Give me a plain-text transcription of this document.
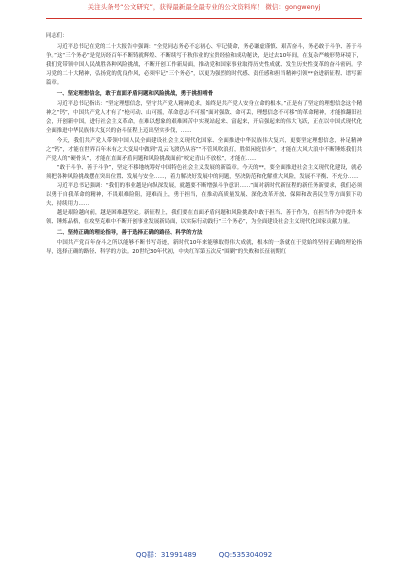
关注头条号“公文研究”，获得最新最全最专业的公文资料库！ 微信：gongwenyj

同志们：

习近平总书记在党的二十大报告中强调：“全党同志务必不忘初心、牢记使命，务必谦虚谨慎、艰苦奋斗，务必敢于斗争、善于斗争。”这“三个务必”是党历经百年不断铸就辉煌、不断续写千秋伟业的宝贵经验和成功秘诀，是过去10年间，在复杂严峻形势环境下，我们党带领中国人民战胜各种风险挑战，不断开创工作新局面，推动党和国家事业取得历史性成就、发生历史性变革的奋斗密码。学习党的二十大精神，弘扬党的优良作风，必须牢记“三个务必”，以更为强烈的时代感、责任感和担当精神引领**奋进新征程、谱写新篇章。

一、坚定理想信念，敢于直面矛盾问题和风险挑战，勇于挑担啃骨

习近平总书记指出：“坚定理想信念，坚守共产党人精神追求，始终是共产党人安身立命的根本。”正是有了坚定的理想信念这个精神之“钙”，中国共产党人才有了“枪可动、山可摇，革命意志不可摇”面对强敌、命可丢，理想信念不可移”的革命精神，才能推翻旧社会，开创新中国，进行社会主义革命，在难以想象的艰难困苦中实现站起来、富起来，开启强起来的伟大飞跃，正在以中国式现代化全面推进中华民族伟大复兴的奋斗征程上迈出坚实步伐，……

今天，我们共产党人带领中国人民全面建设社会主义现代化国家、全面推进中华民族伟大复兴，更要坚定理想信念，补足精神之“钙”，才能在世界百年未有之大变局中做到“乱云飞渡仍从容”“不管风吹浪打，胜似闲庭信步”，才能在大风大浪中不断锤炼我们共产党人的“硬骨头”，才能在直面矛盾问题和风险挑战面前“咬定青山不放松”，才能在……

“敢于斗争、善于斗争”，坚定不移地统筹好中国特色社会主义发展的新篇章。今天的**，要全面推进社会主义现代化建设，就必须把各种风险挑战摆在突出位置、发展与安全……，着力解决好发展中的问题，坚决防范和化解重大风险，发展不平衡、不充分……

习近平总书记强调：“我们的事业越是向纵深发展，就越要不断增强斗争意识……”面对新时代新征程的新任务新要求，我们必须以勇于自我革命的精神，不畏艰难险阻，迎难而上，勇于担当，在推动高质量发展、深化改革开放、保障和改善民生等方面狠下功夫、持续用力……

越是艰险越向前，越是困难越坚定。新征程上，我们要在直面矛盾问题和风险挑战中敢于担当、善于作为，在担当作为中提升本领、锤炼品格，在攻坚克难中不断开创事业发展新局面，以实际行动践行“三个务必”，为全面建设社会主义现代化国家贡献力量。

二、坚持正确的理论指导，善于选择正确的路径、科学的方法

中国共产党百年奋斗之所以能够不断书写奇迹，新时代10年来能够取得伟大成就，根本的一条就在于党始终坚持正确的理论指导，选择正确的路径、科学的方法。20世纪30年代初，中央红军第五次反“围剿”的失败和长征初期红

QQ群：31991489	QQ:535304092
